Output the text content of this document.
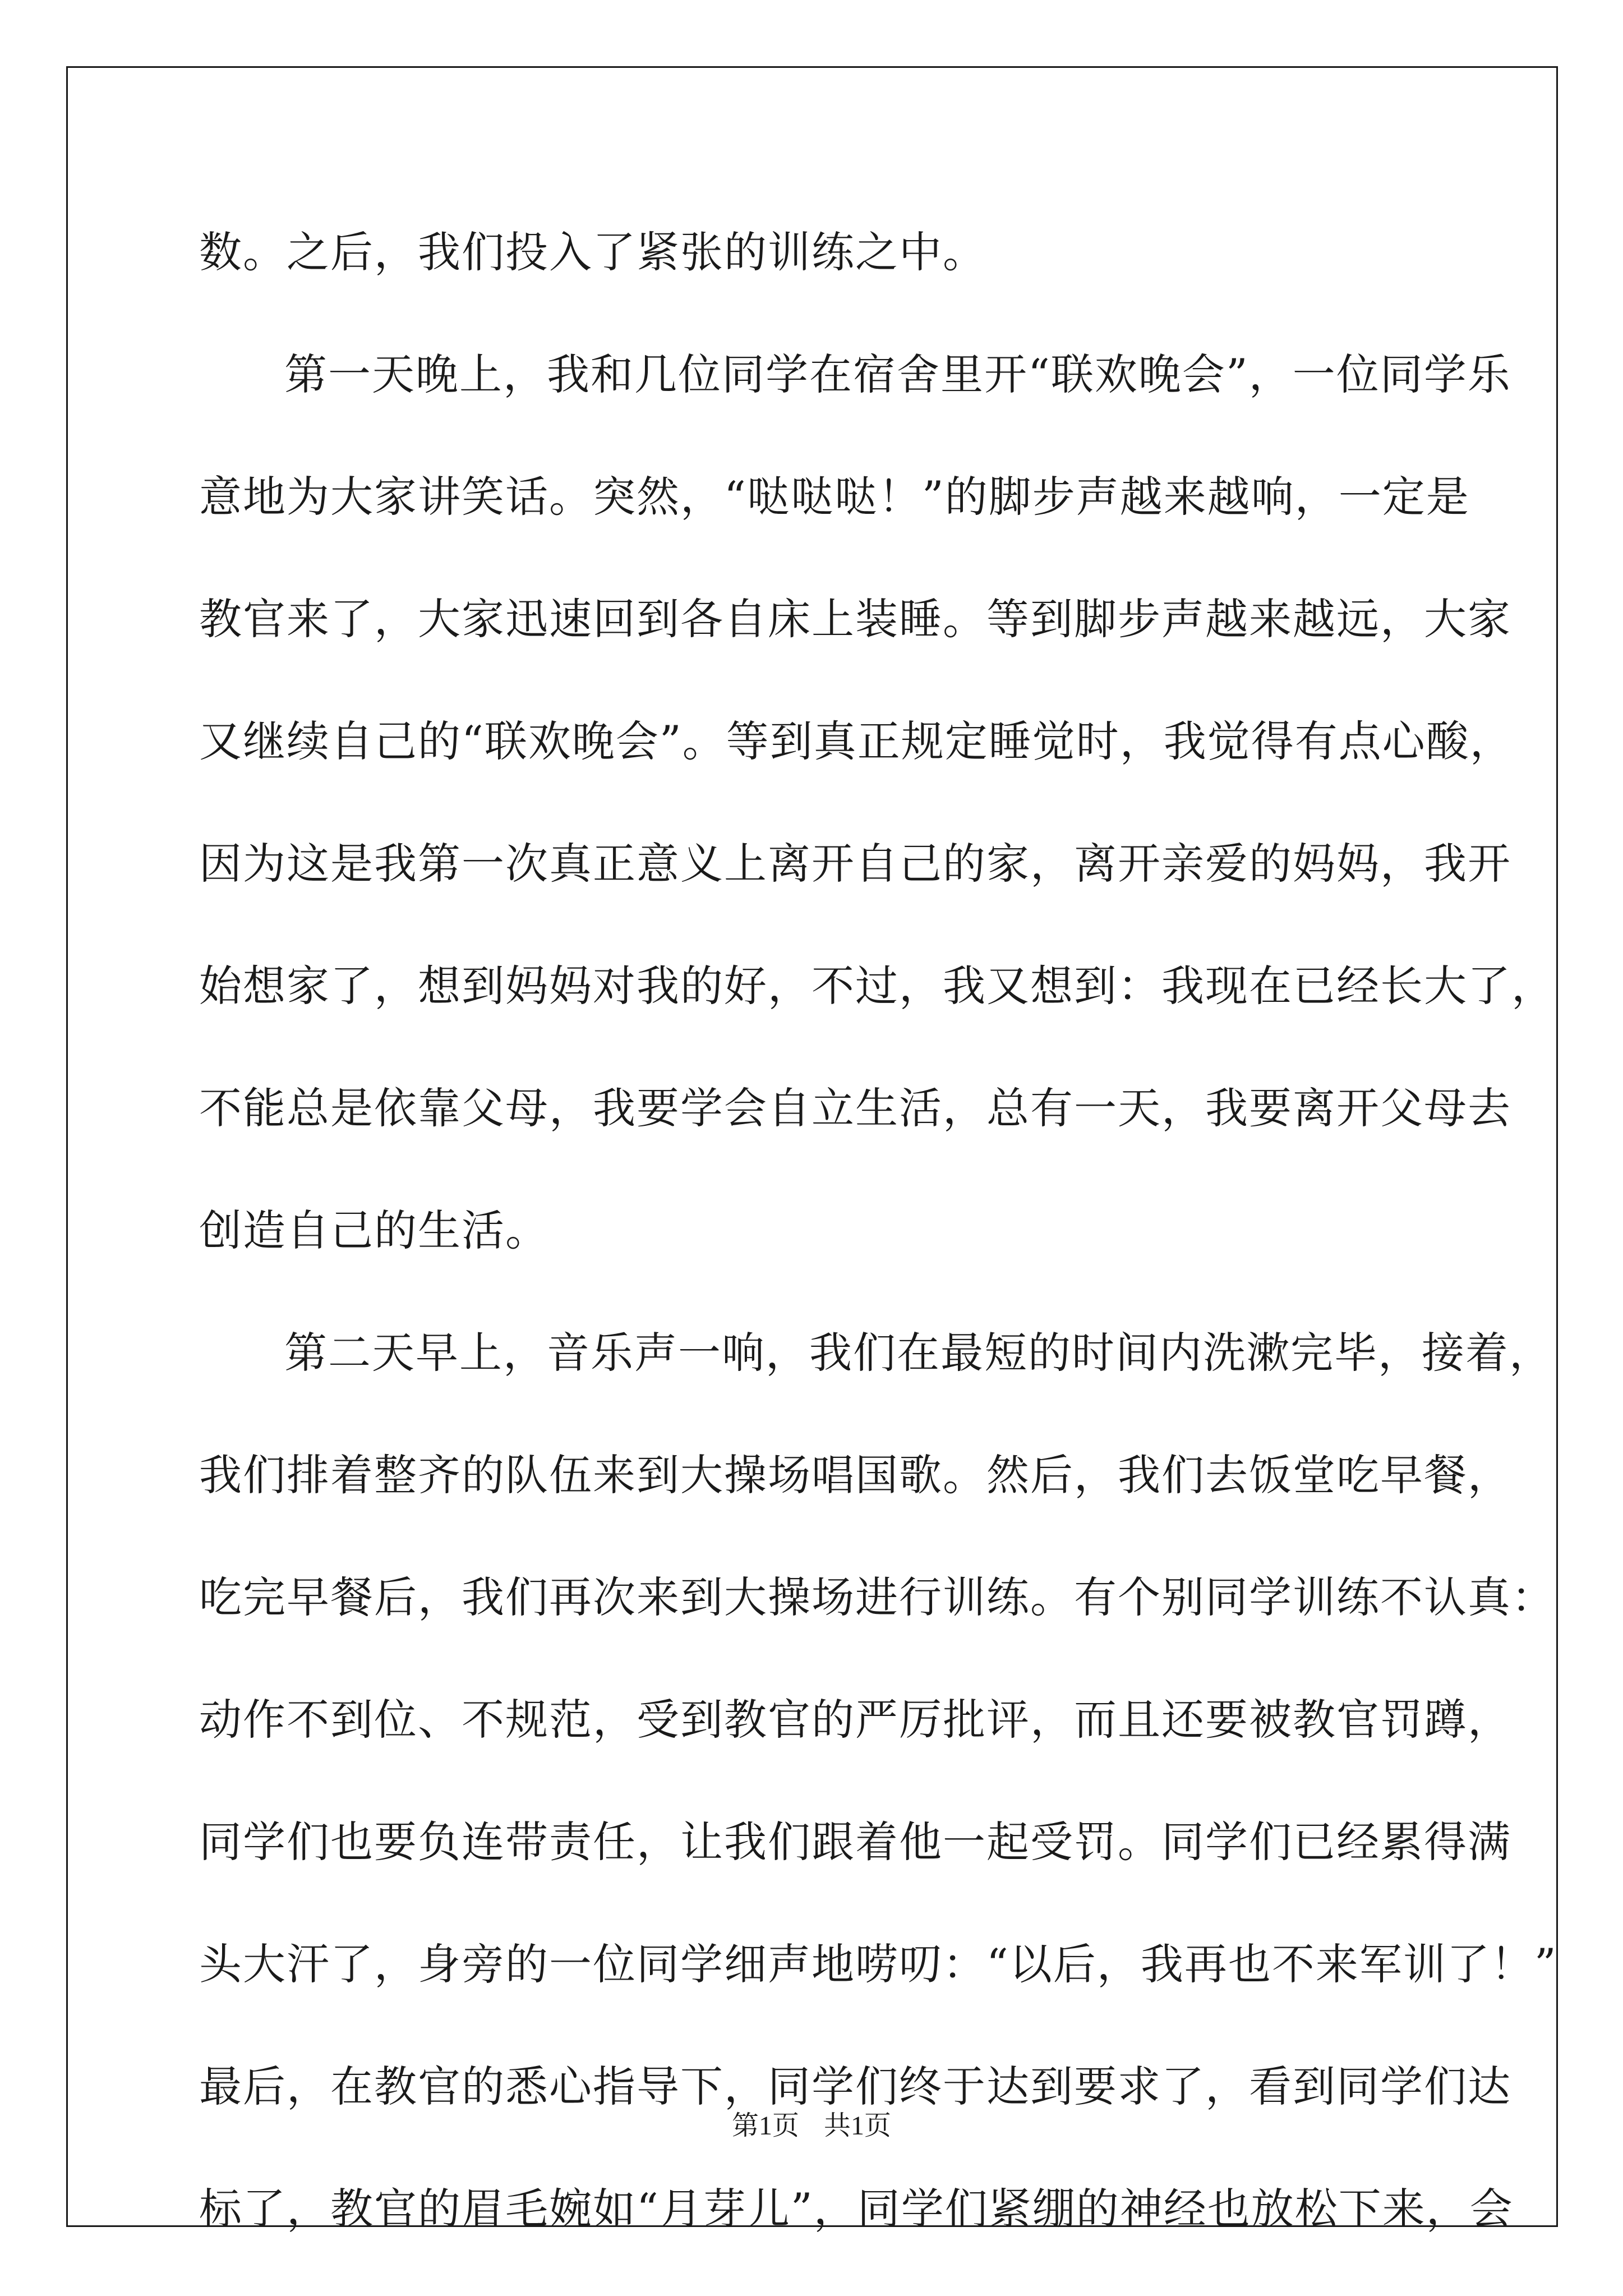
数。之后，我们投入了紧张的训练之中。
第一天晚上，我和几位同学在宿舍里开“联欢晚会”，一位同学乐
意地为大家讲笑话。突然，“哒哒哒！”的脚步声越来越响，一定是
教官来了，大家迅速回到各自床上装睡。等到脚步声越来越远，大家
又继续自己的“联欢晚会”。等到真正规定睡觉时，我觉得有点心酸，
因为这是我第一次真正意义上离开自己的家，离开亲爱的妈妈，我开
始想家了，想到妈妈对我的好，不过，我又想到：我现在已经长大了，
不能总是依靠父母，我要学会自立生活，总有一天，我要离开父母去
创造自己的生活。
第二天早上，音乐声一响，我们在最短的时间内洗漱完毕，接着，
我们排着整齐的队伍来到大操场唱国歌。然后，我们去饭堂吃早餐，
吃完早餐后，我们再次来到大操场进行训练。有个别同学训练不认真：
动作不到位、不规范，受到教官的严厉批评，而且还要被教官罚蹲，
同学们也要负连带责任，让我们跟着他一起受罚。同学们已经累得满
头大汗了，身旁的一位同学细声地唠叨：“以后，我再也不来军训了！”
最后，在教官的悉心指导下，同学们终于达到要求了，看到同学们达
标了，教官的眉毛婉如“月芽儿”，同学们紧绷的神经也放松下来，会
第1页 共1页
